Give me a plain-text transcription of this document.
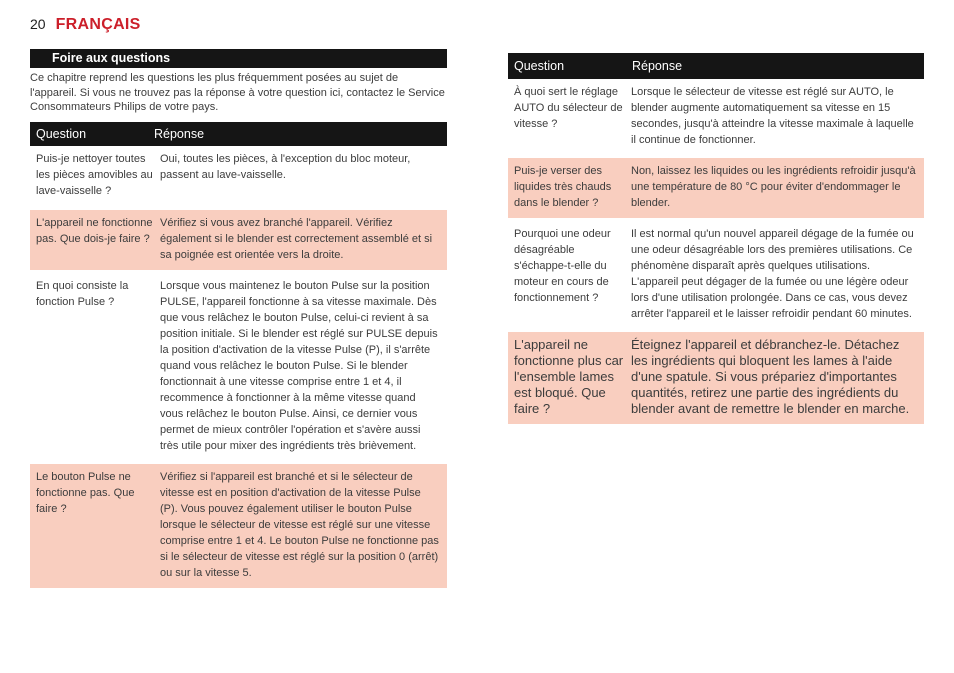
20 FRANÇAIS
Foire aux questions

Ce chapitre reprend les questions les plus fréquemment posées au sujet de l'appareil. Si vous ne trouvez pas la réponse à votre question ici, contactez le Service Consommateurs Philips de votre pays.

Question	Réponse
Puis-je nettoyer toutes les pièces amovibles au lave-vaisselle ?
Oui, toutes les pièces, à l'exception du bloc moteur, passent au lave-vaisselle.
L'appareil ne fonctionne pas. Que dois-je faire ?
Vérifiez si vous avez branché l'appareil. Vérifiez également si le blender est correctement assemblé et si sa poignée est orientée vers la droite.
En quoi consiste la fonction Pulse ?
Lorsque vous maintenez le bouton Pulse sur la position PULSE, l'appareil fonctionne à sa vitesse maximale. Dès que vous relâchez le bouton Pulse, celui-ci revient à sa position initiale. Si le blender est réglé sur PULSE depuis la position d'activation de la vitesse Pulse (P), il s'arrête quand vous relâchez le bouton Pulse. Si le blender fonctionnait à une vitesse comprise entre 1 et 4, il recommence à fonctionner à la même vitesse quand vous relâchez le bouton Pulse. Ainsi, ce dernier vous permet de mieux contrôler l'opération et s'avère aussi très utile pour mixer des ingrédients très brièvement.
Le bouton Pulse ne fonctionne pas. Que faire ?
Vérifiez si l'appareil est branché et si le sélecteur de vitesse est en position d'activation de la vitesse Pulse (P). Vous pouvez également utiliser le bouton Pulse lorsque le sélecteur de vitesse est réglé sur une vitesse comprise entre 1 et 4. Le bouton Pulse ne fonctionne pas si le sélecteur de vitesse est réglé sur la position 0 (arrêt) ou sur la vitesse 5.
Question	Réponse
À quoi sert le réglage AUTO du sélecteur de vitesse ?
Lorsque le sélecteur de vitesse est réglé sur AUTO, le blender augmente automatiquement sa vitesse en 15 secondes, jusqu'à atteindre la vitesse maximale à laquelle il continue de fonctionner.
Puis-je verser des liquides très chauds dans le blender ?
Non, laissez les liquides ou les ingrédients refroidir jusqu'à une température de 80 °C pour éviter d'endommager le blender.
Pourquoi une odeur désagréable s'échappe-t-elle du moteur en cours de fonctionnement ?
Il est normal qu'un nouvel appareil dégage de la fumée ou une odeur désagréable lors des premières utilisations. Ce phénomène disparaît après quelques utilisations. L'appareil peut dégager de la fumée ou une légère odeur lors d'une utilisation prolongée. Dans ce cas, vous devez arrêter l'appareil et le laisser refroidir pendant 60 minutes.
L'appareil ne fonctionne plus car l'ensemble lames est bloqué. Que faire ?
Éteignez l'appareil et débranchez-le. Détachez les ingrédients qui bloquent les lames à l'aide d'une spatule. Si vous prépariez d'importantes quantités, retirez une partie des ingrédients du blender avant de remettre le blender en marche.
